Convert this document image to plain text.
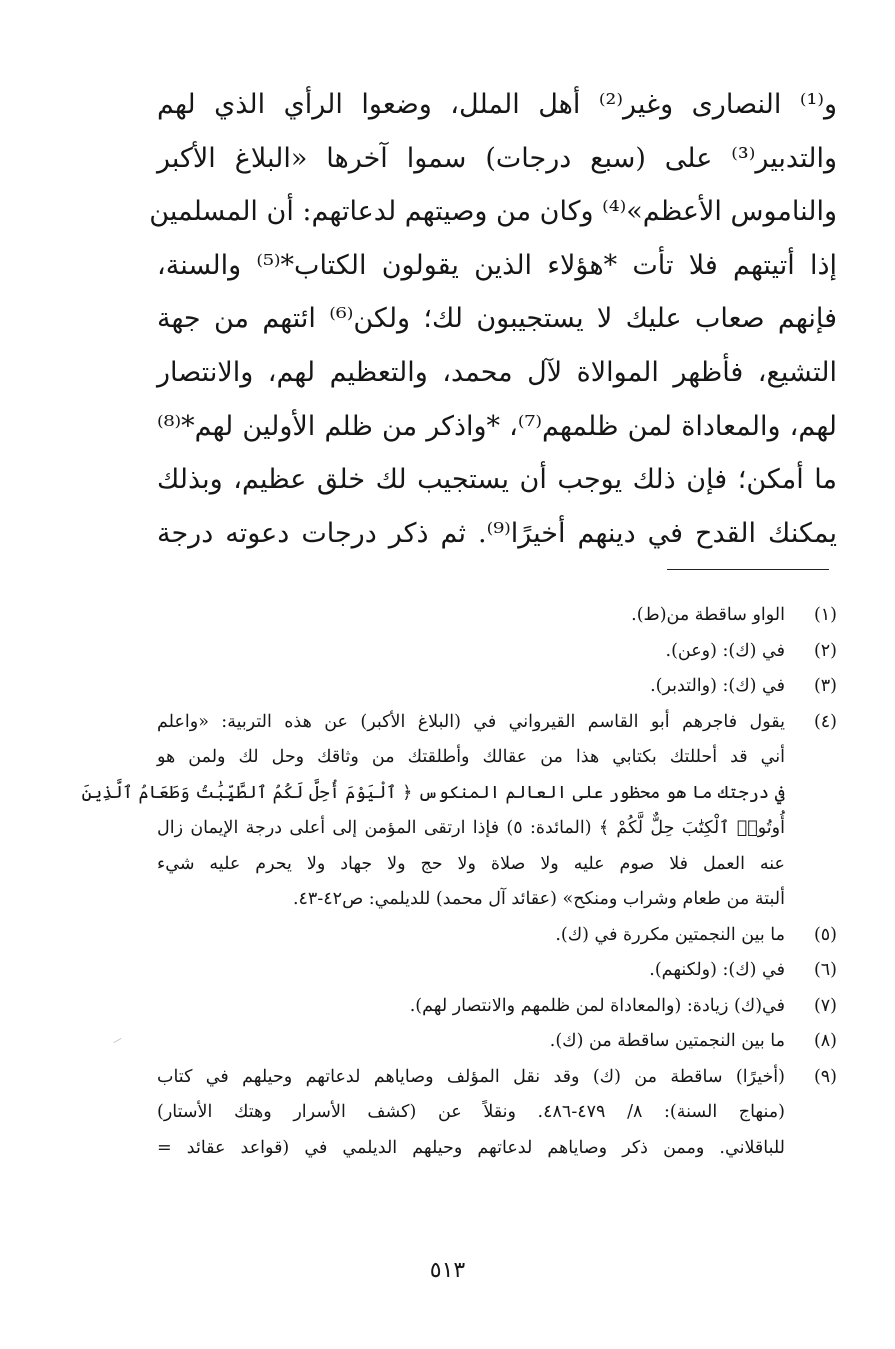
و⁽¹⁾ النصارى وغير⁽²⁾ أهل الملل، وضعوا الرأي الذي لهم
والتدبير⁽³⁾ على (سبع درجات) سموا آخرها «البلاغ الأكبر
والناموس الأعظم»⁽⁴⁾ وكان من وصيتهم لدعاتهم: أن المسلمين
إذا أتيتهم فلا تأت *هؤلاء الذين يقولون الكتاب*⁽⁵⁾ والسنة،
فإنهم صعاب عليك لا يستجيبون لك؛ ولكن⁽⁶⁾ ائتهم من جهة
التشيع، فأظهر الموالاة لآل محمد، والتعظيم لهم، والانتصار
لهم، والمعاداة لمن ظلمهم⁽⁷⁾، *واذكر من ظلم الأولين لهم*⁽⁸⁾
ما أمكن؛ فإن ذلك يوجب أن يستجيب لك خلق عظيم، وبذلك
يمكنك القدح في دينهم أخيرًا⁽⁹⁾. ثم ذكر درجات دعوته درجة
(١)
الواو ساقطة من(ط).
(٢)
في (ك): (وعن).
(٣)
في (ك): (والتدبر).
(٤)
يقول فاجرهم أبو القاسم القيرواني في (البلاغ الأكبر) عن هذه التربية: «واعلم
أني قد أحللتك بكتابي هذا من عقالك وأطلقتك من وثاقك وحل لك ولمن هو
في درجتك ما هو محظور على العالم المنكوس ﴿ ٱلْيَوْمَ أُحِلَّ لَكُمُ ٱلطَّيِّبَٰتُ وَطَعَامُ ٱلَّذِينَ
أُوتُوا۟ ٱلْكِتَٰبَ حِلٌّ لَّكُمْ ﴾ (المائدة: ٥) فإذا ارتقى المؤمن إلى أعلى درجة الإيمان زال
عنه العمل فلا صوم عليه ولا صلاة ولا حج ولا جهاد ولا يحرم عليه شيء
ألبتة من طعام وشراب ومنكح» (عقائد آل محمد) للديلمي: ص٤٢-٤٣.
(٥)
ما بين النجمتين مكررة في (ك).
(٦)
في (ك): (ولكنهم).
(٧)
في(ك) زيادة: (والمعاداة لمن ظلمهم والانتصار لهم).
(٨)
ما بين النجمتين ساقطة من (ك).
(٩)
(أخيرًا) ساقطة من (ك) وقد نقل المؤلف وصاياهم لدعاتهم وحيلهم في كتاب
(منهاج السنة): ٨/ ٤٧٩-٤٨٦. ونقلاً عن (كشف الأسرار وهتك الأستار)
للباقلاني. وممن ذكر وصاياهم لدعاتهم وحيلهم الديلمي في (قواعد عقائد =
٥١٣
